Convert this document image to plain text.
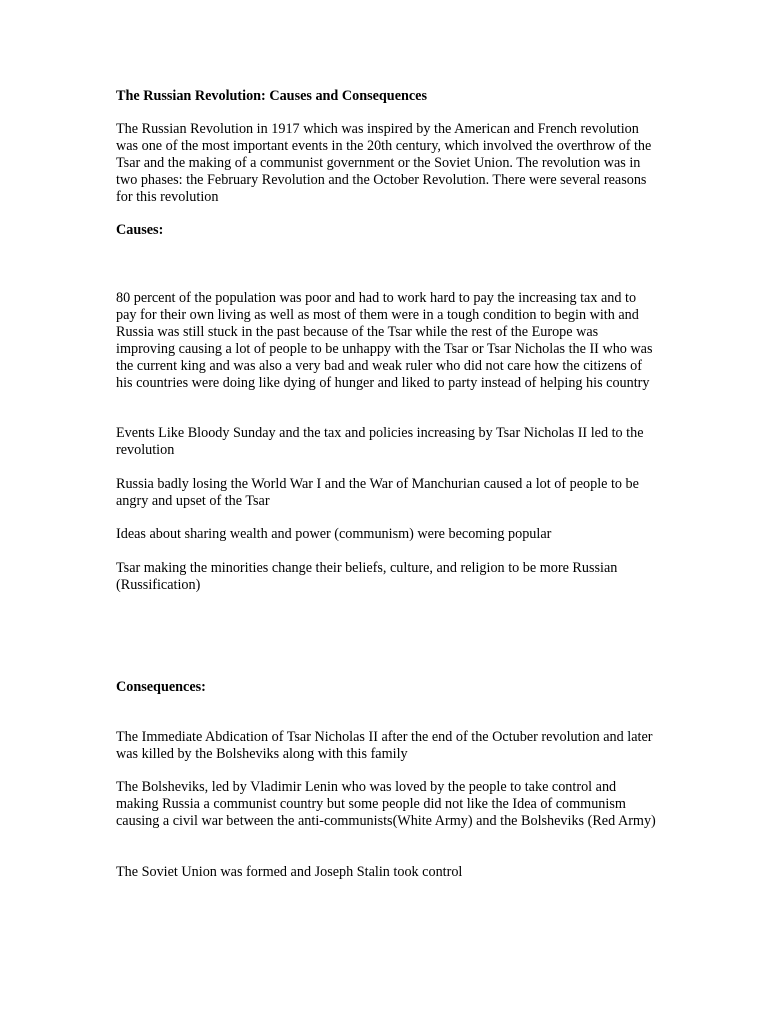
The Russian Revolution: Causes and Consequences

The Russian Revolution in 1917 which was inspired by the American and French revolution was one of the most important events in the 20th century, which involved the overthrow of the Tsar and the making of a communist government or the Soviet Union. The revolution was in two phases: the February Revolution and the October Revolution. There were several reasons for this revolution

Causes:

80 percent of the population was poor and had to work hard to pay the increasing tax and to pay for their own living as well as most of them were in a tough condition to begin with and Russia was still stuck in the past because of the Tsar while the rest of the Europe was improving causing a lot of people to be unhappy with the Tsar or Tsar Nicholas the II who was the current king and was also a very bad and weak ruler who did not care how the citizens of his countries were doing like dying of hunger and liked to party instead of helping his country

Events Like Bloody Sunday and the tax and policies increasing by Tsar Nicholas II led to the revolution

Russia badly losing the World War I and the War of Manchurian caused a lot of people to be angry and upset of the Tsar

Ideas about sharing wealth and power (communism) were becoming popular

Tsar making the minorities change their beliefs, culture, and religion to be more Russian (Russification)

Consequences:

The Immediate Abdication of Tsar Nicholas II after the end of the Octuber revolution and later was killed by the Bolsheviks along with this family

The Bolsheviks, led by Vladimir Lenin who was loved by the people to take control and making Russia a communist country but some people did not like the Idea of communism causing a civil war between the anti-communists(White Army) and the Bolsheviks (Red Army)

The Soviet Union was formed and Joseph Stalin took control
